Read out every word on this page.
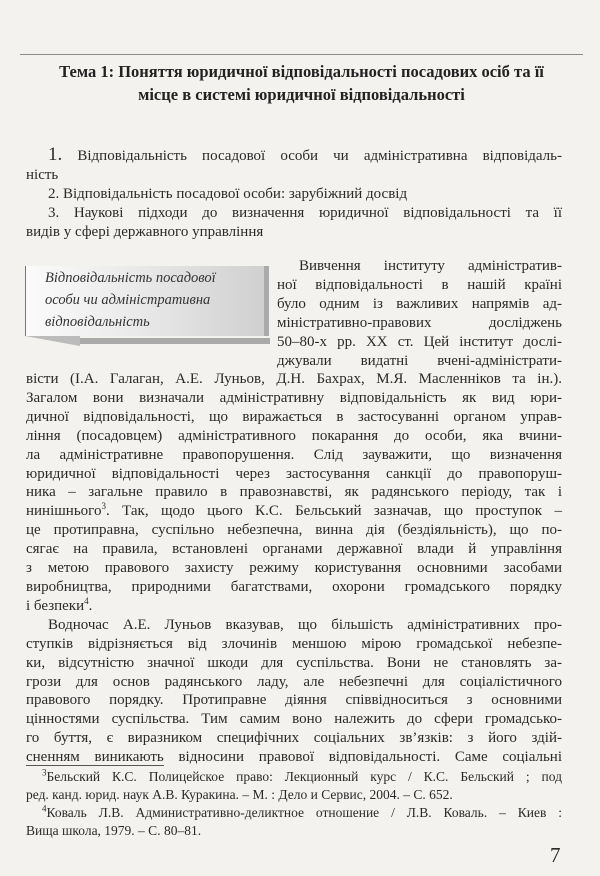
Тема 1: Поняття юридичної відповідальності посадових осіб та її
місце в системі юридичної відповідальності
1. Відповідальність посадової особи чи адміністративна відповідаль-
ність
2. Відповідальність посадової особи: зарубіжний досвід
3. Наукові підходи до визначення юридичної відповідальності та її
видів у сфері державного управління
Відповідальність посадової
особи чи адміністративна
відповідальність
Вивчення інституту адміністратив-
ної відповідальності в нашій країні
було одним із важливих напрямів ад-
міністративно-правових досліджень
50–80-х рр. XX ст. Цей інститут дослі-
джували видатні вчені-адміністрати-
вісти (І.А. Галаган, А.Е. Луньов, Д.Н. Бахрах, М.Я. Масленніков та ін.).
Загалом вони визначали адміністративну відповідальність як вид юри-
дичної відповідальності, що виражається в застосуванні органом управ-
ління (посадовцем) адміністративного покарання до особи, яка вчини-
ла адміністративне правопорушення. Слід зауважити, що визначення
юридичної відповідальності через застосування санкції до правопоруш-
ника – загальне правило в правознавстві, як радянського періоду, так і
нинішнього$^3$. Так, щодо цього К.С. Бельський зазначав, що проступок –
це протиправна, суспільно небезпечна, винна дія (бездіяльність), що по-
сягає на правила, встановлені органами державної влади й управління
з метою правового захисту режиму користування основними засобами
виробництва, природними багатствами, охорони громадського порядку
і безпеки$^4$.
Водночас А.Е. Луньов вказував, що більшість адміністративних про-
ступків відрізняється від злочинів меншою мірою громадської небезпе-
ки, відсутністю значної шкоди для суспільства. Вони не становлять за-
грози для основ радянського ладу, але небезпечні для соціалістичного
правового порядку. Протиправне діяння співвідноситься з основними
цінностями суспільства. Тим самим воно належить до сфери громадсько-
го буття, є виразником специфічних соціальних зв’язків: з його здій-
сненням виникають відносини правової відповідальності. Саме соціальні
$^3$Бельский К.С. Полицейское право: Лекционный курс / К.С. Бельский ; под
ред. канд. юрид. наук А.В. Куракина. – М. : Дело и Сервис, 2004. – С. 652.
$^4$Коваль Л.В. Административно-деликтное отношение / Л.В. Коваль. – Киев :
Вища школа, 1979. – С. 80–81.
7
